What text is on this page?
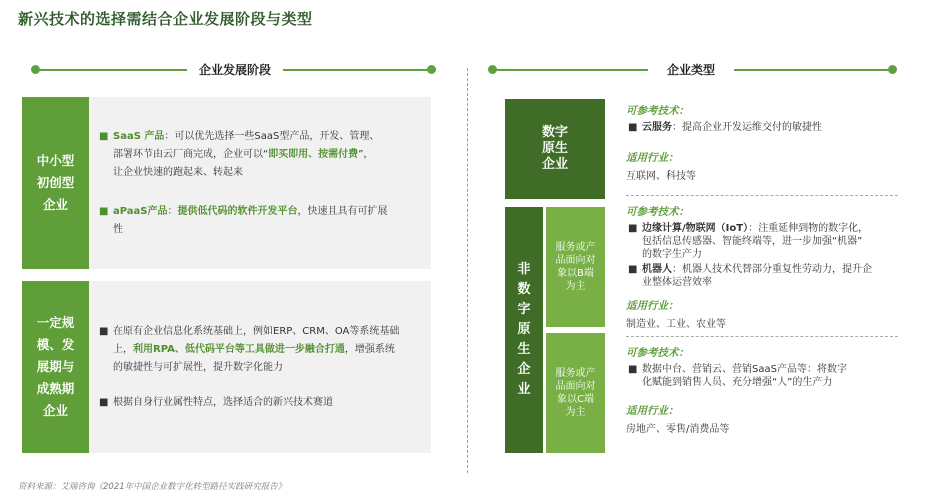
新兴技术的选择需结合企业发展阶段与类型
企业发展阶段	企业类型
中小型
初创型
企业
■ SaaS 产品：可以优先选择一些SaaS型产品，开发、管理、
部署环节由云厂商完成，企业可以“即买即用、按需付费”，
让企业快速的跑起来、转起来
■ aPaaS产品：提供低代码的软件开发平台，快速且具有可扩展
性
一定规
模、发
展期与
成熟期
企业
■ 在原有企业信息化系统基础上，例如ERP、CRM、OA等系统基础
上，利用RPA、低代码平台等工具做进一步融合打通，增强系统
的敏捷性与可扩展性，提升数字化能力
■ 根据自身行业属性特点，选择适合的新兴技术赛道
数字
原生
企业
非
数
字
原
生
企
业
服务或产
品面向对
象以B端
为主
服务或产
品面向对
象以C端
为主
可参考技术：
■ 云服务：提高企业开发运维交付的敏捷性
适用行业：
互联网、科技等
可参考技术：
■ 边缘计算/物联网（IoT）：注重延伸到物的数字化，
包括信息传感器、智能终端等，进一步加强“机器”
的数字生产力
■ 机器人：机器人技术代替部分重复性劳动力，提升企
业整体运营效率
适用行业：
制造业、工业、农业等
可参考技术：
■ 数据中台、营销云、营销SaaS产品等：将数字
化赋能到销售人员、充分增强“人”的生产力
适用行业：
房地产、零售/消费品等
资料来源：艾瑞咨询《2021年中国企业数字化转型路径实践研究报告》
